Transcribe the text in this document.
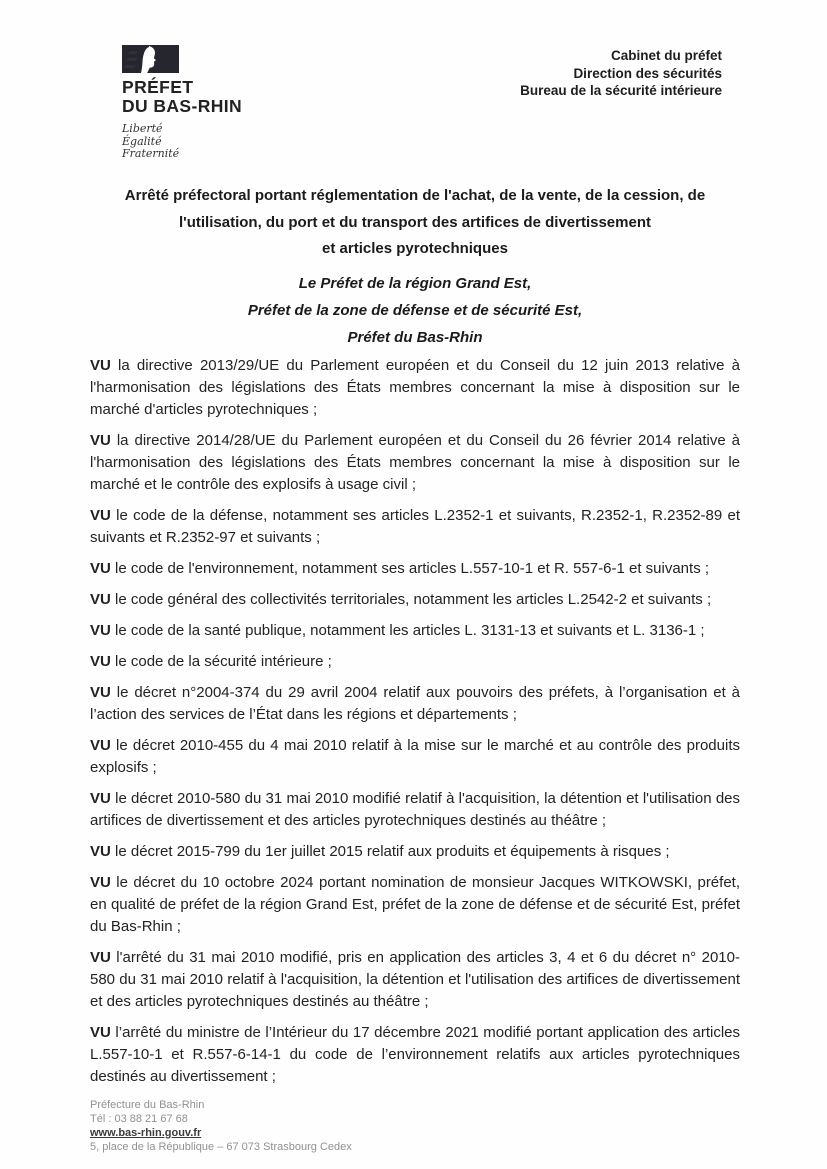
PRÉFET
DU BAS-RHIN
Liberté
Égalité
Fraternité
Cabinet du préfet
Direction des sécurités
Bureau de la sécurité intérieure
Arrêté préfectoral portant réglementation de l'achat, de la vente, de la cession, de
l'utilisation, du port et du transport des artifices de divertissement
et articles pyrotechniques
Le Préfet de la région Grand Est,
Préfet de la zone de défense et de sécurité Est,
Préfet du Bas-Rhin

VU la directive 2013/29/UE du Parlement européen et du Conseil du 12 juin 2013 relative à l'harmonisation des législations des États membres concernant la mise à disposition sur le marché d'articles pyrotechniques ;

VU la directive 2014/28/UE du Parlement européen et du Conseil du 26 février 2014 relative à l'harmonisation des législations des États membres concernant la mise à disposition sur le marché et le contrôle des explosifs à usage civil ;

VU le code de la défense, notamment ses articles L.2352-1 et suivants, R.2352-1, R.2352-89 et suivants et R.2352-97 et suivants ;

VU le code de l'environnement, notamment ses articles L.557-10-1 et R. 557-6-1 et suivants ;

VU le code général des collectivités territoriales, notamment les articles L.2542-2 et suivants ;

VU le code de la santé publique, notamment les articles L. 3131-13 et suivants et L. 3136-1 ;

VU le code de la sécurité intérieure ;

VU le décret n°2004-374 du 29 avril 2004 relatif aux pouvoirs des préfets, à l’organisation et à l’action des services de l’État dans les régions et départements ;

VU le décret 2010-455 du 4 mai 2010 relatif à la mise sur le marché et au contrôle des produits explosifs ;

VU le décret 2010-580 du 31 mai 2010 modifié relatif à l'acquisition, la détention et l'utilisation des artifices de divertissement et des articles pyrotechniques destinés au théâtre ;

VU le décret 2015-799 du 1er juillet 2015 relatif aux produits et équipements à risques ;

VU le décret du 10 octobre 2024 portant nomination de monsieur Jacques WITKOWSKI, préfet, en qualité de préfet de la région Grand Est, préfet de la zone de défense et de sécurité Est, préfet du Bas-Rhin ;

VU l'arrêté du 31 mai 2010 modifié, pris en application des articles 3, 4 et 6 du décret n° 2010-580 du 31 mai 2010 relatif à l'acquisition, la détention et l'utilisation des artifices de divertissement et des articles pyrotechniques destinés au théâtre ;

VU l’arrêté du ministre de l’Intérieur du 17 décembre 2021 modifié portant application des articles L.557-10-1 et R.557-6-14-1 du code de l’environnement relatifs aux articles pyrotechniques destinés au divertissement ;

Préfecture du Bas-Rhin
Tél : 03 88 21 67 68
www.bas-rhin.gouv.fr
5, place de la République – 67 073 Strasbourg Cedex
